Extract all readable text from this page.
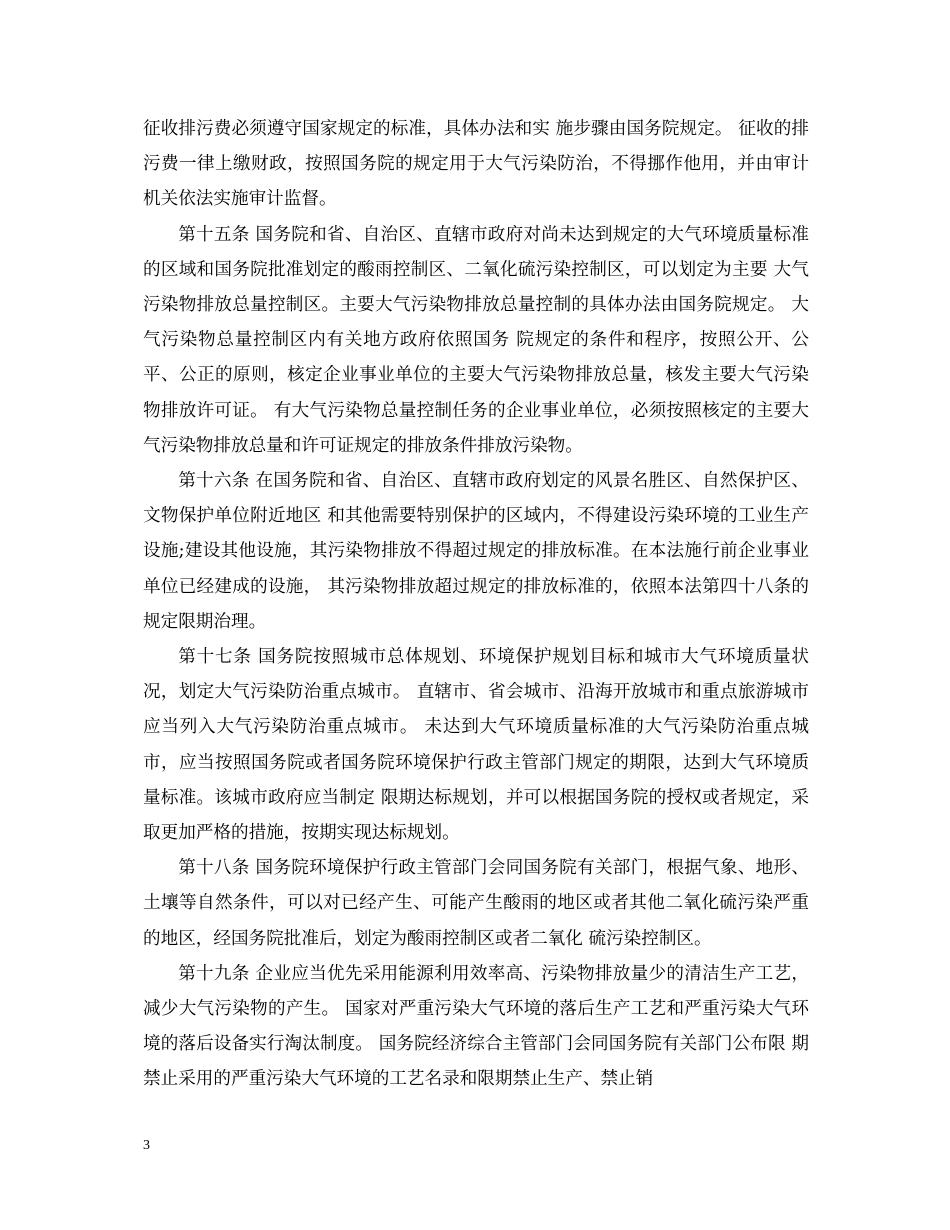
征收排污费必须遵守国家规定的标准，具体办法和实 施步骤由国务院规定。 征收的排污费一律上缴财政，按照国务院的规定用于大气污染防治，不得挪作他用，并由审计机关依法实施审计监督。

第十五条 国务院和省、自治区、直辖市政府对尚未达到规定的大气环境质量标准的区域和国务院批准划定的酸雨控制区、二氧化硫污染控制区，可以划定为主要 大气污染物排放总量控制区。主要大气污染物排放总量控制的具体办法由国务院规定。 大气污染物总量控制区内有关地方政府依照国务 院规定的条件和程序，按照公开、公平、公正的原则，核定企业事业单位的主要大气污染物排放总量，核发主要大气污染物排放许可证。 有大气污染物总量控制任务的企业事业单位，必须按照核定的主要大气污染物排放总量和许可证规定的排放条件排放污染物。

第十六条 在国务院和省、自治区、直辖市政府划定的风景名胜区、自然保护区、文物保护单位附近地区 和其他需要特别保护的区域内，不得建设污染环境的工业生产设施;建设其他设施，其污染物排放不得超过规定的排放标准。在本法施行前企业事业单位已经建成的设施， 其污染物排放超过规定的排放标准的，依照本法第四十八条的规定限期治理。

第十七条 国务院按照城市总体规划、环境保护规划目标和城市大气环境质量状况，划定大气污染防治重点城市。 直辖市、省会城市、沿海开放城市和重点旅游城市应当列入大气污染防治重点城市。 未达到大气环境质量标准的大气污染防治重点城市，应当按照国务院或者国务院环境保护行政主管部门规定的期限，达到大气环境质量标准。该城市政府应当制定 限期达标规划，并可以根据国务院的授权或者规定，采取更加严格的措施，按期实现达标规划。

第十八条 国务院环境保护行政主管部门会同国务院有关部门，根据气象、地形、土壤等自然条件，可以对已经产生、可能产生酸雨的地区或者其他二氧化硫污染严重的地区，经国务院批准后，划定为酸雨控制区或者二氧化 硫污染控制区。

第十九条 企业应当优先采用能源利用效率高、污染物排放量少的清洁生产工艺，减少大气污染物的产生。 国家对严重污染大气环境的落后生产工艺和严重污染大气环境的落后设备实行淘汰制度。 国务院经济综合主管部门会同国务院有关部门公布限 期禁止采用的严重污染大气环境的工艺名录和限期禁止生产、禁止销

3
